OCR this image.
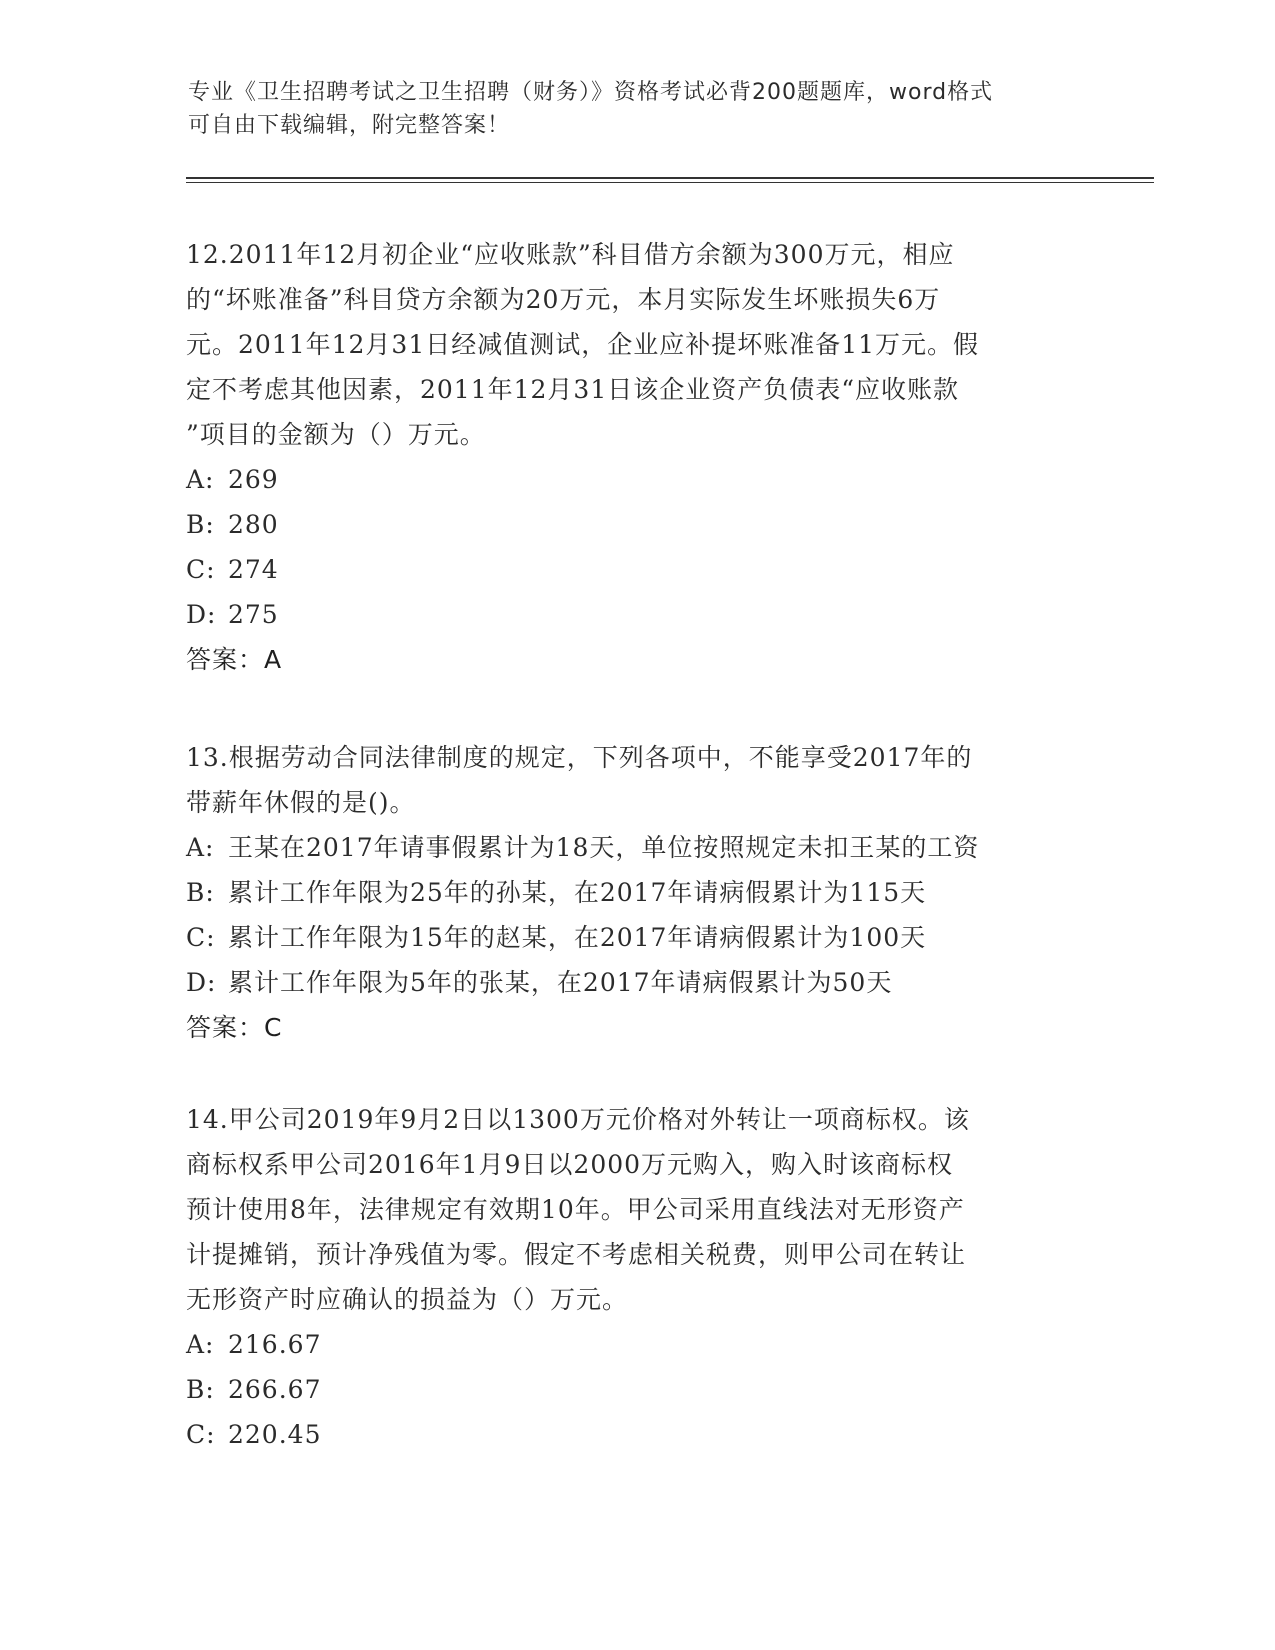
专业《卫生招聘考试之卫生招聘（财务）》资格考试必背200题题库，word格式
可自由下载编辑，附完整答案！
12.2011年12月初企业“应收账款”科目借方余额为300万元，相应
的“坏账准备”科目贷方余额为20万元，本月实际发生坏账损失6万
元。2011年12月31日经减值测试，企业应补提坏账准备11万元。假
定不考虑其他因素，2011年12月31日该企业资产负债表“应收账款
”项目的金额为（）万元。
A: 269
B: 280
C: 274
D: 275
答案：A
13.根据劳动合同法律制度的规定，下列各项中，不能享受2017年的
带薪年休假的是()。
A: 王某在2017年请事假累计为18天，单位按照规定未扣王某的工资
B: 累计工作年限为25年的孙某，在2017年请病假累计为115天
C: 累计工作年限为15年的赵某，在2017年请病假累计为100天
D: 累计工作年限为5年的张某，在2017年请病假累计为50天
答案：C
14.甲公司2019年9月2日以1300万元价格对外转让一项商标权。该
商标权系甲公司2016年1月9日以2000万元购入，购入时该商标权
预计使用8年，法律规定有效期10年。甲公司采用直线法对无形资产
计提摊销，预计净残值为零。假定不考虑相关税费，则甲公司在转让
无形资产时应确认的损益为（）万元。
A: 216.67
B: 266.67
C: 220.45
